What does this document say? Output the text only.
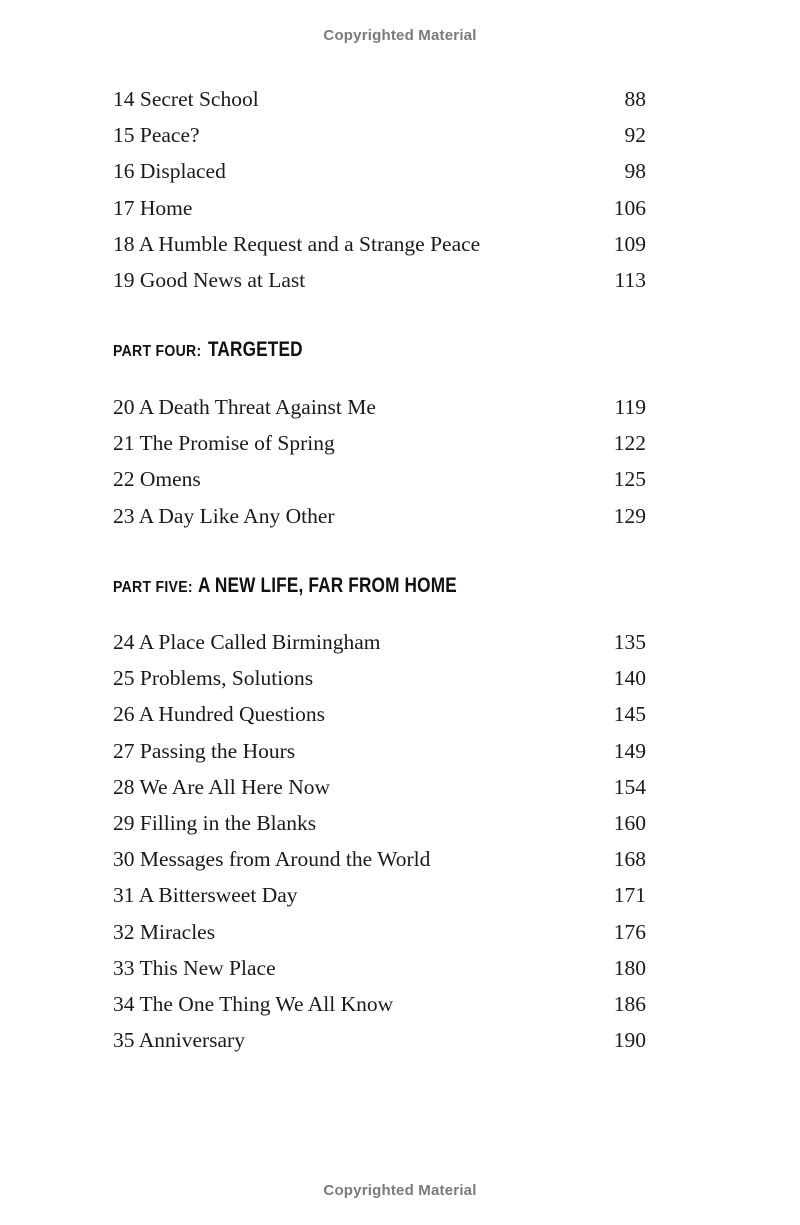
Copyrighted Material
14 Secret School	88
15 Peace?	92
16 Displaced	98
17 Home	106
18 A Humble Request and a Strange Peace	109
19 Good News at Last	113
PART FOUR: TARGETED
20 A Death Threat Against Me	119
21 The Promise of Spring	122
22 Omens	125
23 A Day Like Any Other	129
PART FIVE: A NEW LIFE, FAR FROM HOME
24 A Place Called Birmingham	135
25 Problems, Solutions	140
26 A Hundred Questions	145
27 Passing the Hours	149
28 We Are All Here Now	154
29 Filling in the Blanks	160
30 Messages from Around the World	168
31 A Bittersweet Day	171
32 Miracles	176
33 This New Place	180
34 The One Thing We All Know	186
35 Anniversary	190
Copyrighted Material
